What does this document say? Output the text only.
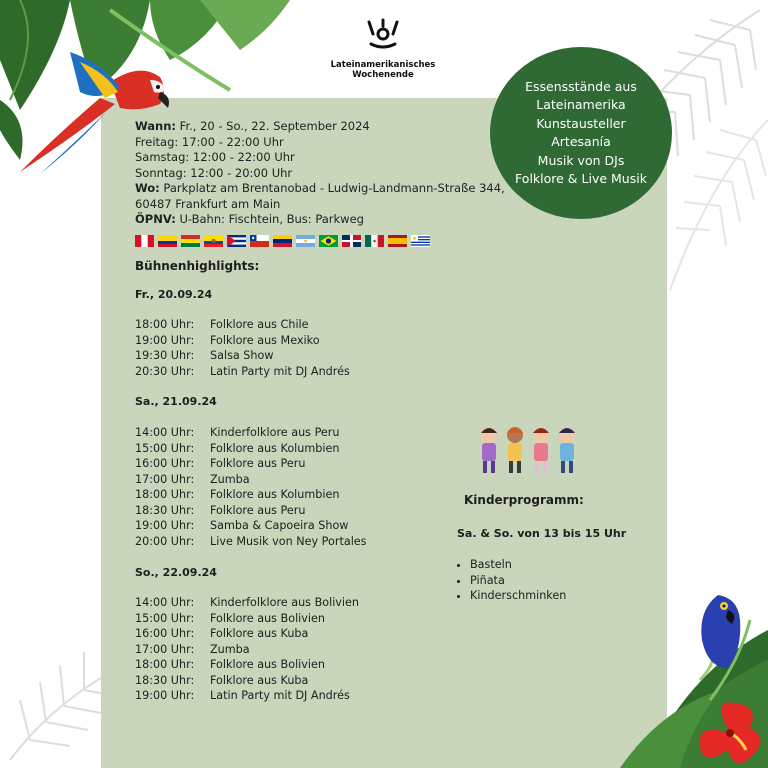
Lateinamerikanisches
Wochenende
Essensstände aus
Lateinamerika
Kunstausteller
Artesanía
Musik von DJs
Folklore & Live Musik
Wann: Fr., 20 - So., 22. September 2024
Freitag: 17:00 - 22:00 Uhr
Samstag: 12:00 - 22:00 Uhr
Sonntag: 12:00 - 20:00 Uhr
Wo: Parkplatz am Brentanobad - Ludwig-Landmann-Straße 344,
60487 Frankfurt am Main
ÖPNV: U-Bahn: Fischtein, Bus: Parkweg
Bühnenhighlights:
Fr., 20.09.24
18:00 Uhr: Folklore aus Chile
19:00 Uhr: Folklore aus Mexiko
19:30 Uhr: Salsa Show
20:30 Uhr: Latin Party mit DJ Andrés
Sa., 21.09.24
14:00 Uhr: Kinderfolklore aus Peru
15:00 Uhr: Folklore aus Kolumbien
16:00 Uhr: Folklore aus Peru
17:00 Uhr: Zumba
18:00 Uhr: Folklore aus Kolumbien
18:30 Uhr: Folklore aus Peru
19:00 Uhr: Samba & Capoeira Show
20:00 Uhr: Live Musik von Ney Portales
So., 22.09.24
14:00 Uhr: Kinderfolklore aus Bolivien
15:00 Uhr: Folklore aus Bolivien
16:00 Uhr: Folklore aus Kuba
17:00 Uhr: Zumba
18:00 Uhr: Folklore aus Bolivien
18:30 Uhr: Folklore aus Kuba
19:00 Uhr: Latin Party mit DJ Andrés
Kinderprogramm:
Sa. & So. von 13 bis 15 Uhr
• Basteln
• Piñata
• Kinderschminken
